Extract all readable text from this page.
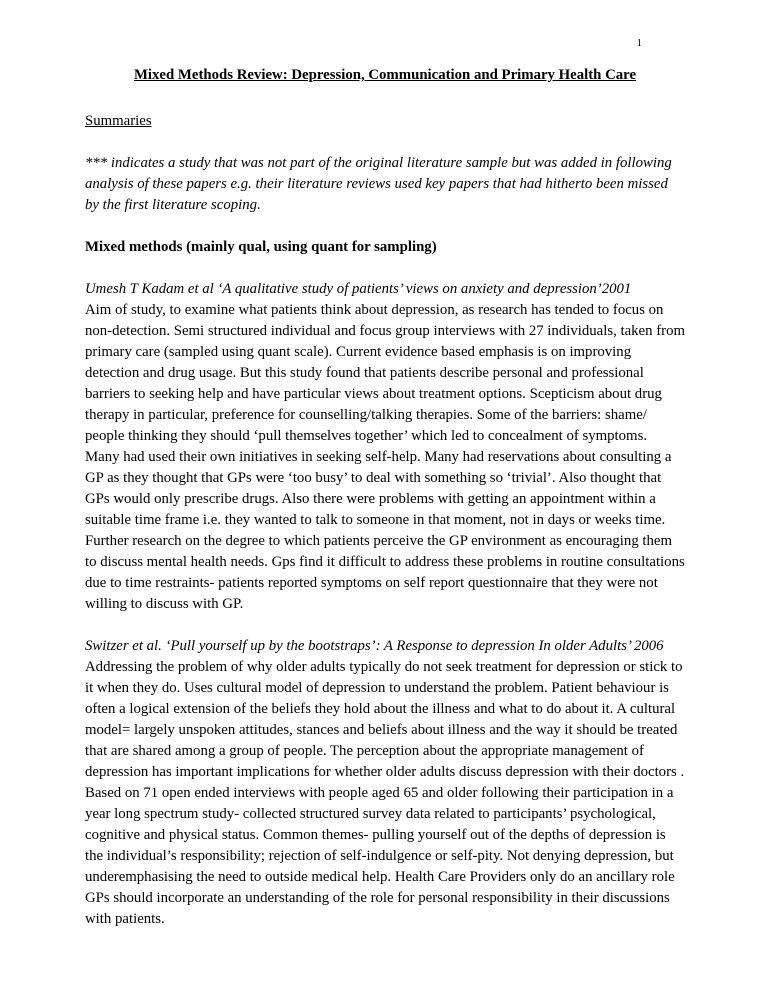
1

Mixed Methods Review: Depression, Communication and Primary Health Care

Summaries

*** indicates a study that was not part of the original literature sample but was added in following analysis of these papers e.g. their literature reviews used key papers that had hitherto been missed by the first literature scoping.

Mixed methods (mainly qual, using quant for sampling)

Umesh T Kadam et al ‘A qualitative study of patients’ views on anxiety and depression’2001
Aim of study, to examine what patients think about depression, as research has tended to focus on non-detection. Semi structured individual and focus group interviews with 27 individuals, taken from primary care (sampled using quant scale). Current evidence based emphasis is on improving detection and drug usage. But this study found that patients describe personal and professional barriers to seeking help and have particular views about treatment options. Scepticism about drug therapy in particular, preference for counselling/talking therapies. Some of the barriers: shame/ people thinking they should ‘pull themselves together’ which led to concealment of symptoms. Many had used their own initiatives in seeking self-help. Many had reservations about consulting a GP as they thought that GPs were ‘too busy’ to deal with something so ‘trivial’. Also thought that GPs would only prescribe drugs. Also there were problems with getting an appointment within a suitable time frame i.e. they wanted to talk to someone in that moment, not in days or weeks time. Further research on the degree to which patients perceive the GP environment as encouraging them to discuss mental health needs. Gps find it difficult to address these problems in routine consultations due to time restraints- patients reported symptoms on self report questionnaire that they were not willing to discuss with GP.
Switzer et al. ‘Pull yourself up by the bootstraps’: A Response to depression In older Adults’ 2006
Addressing the problem of why older adults typically do not seek treatment for depression or stick to it when they do. Uses cultural model of depression to understand the problem. Patient behaviour is often a logical extension of the beliefs they hold about the illness and what to do about it. A cultural model= largely unspoken attitudes, stances and beliefs about illness and the way it should be treated that are shared among a group of people. The perception about the appropriate management of depression has important implications for whether older adults discuss depression with their doctors . Based on 71 open ended interviews with people aged 65 and older following their participation in a year long spectrum study- collected structured survey data related to participants’ psychological, cognitive and physical status. Common themes- pulling yourself out of the depths of depression is the individual’s responsibility; rejection of self-indulgence or self-pity. Not denying depression, but underemphasising the need to outside medical help. Health Care Providers only do an ancillary role GPs should incorporate an understanding of the role for personal responsibility in their discussions with patients.
